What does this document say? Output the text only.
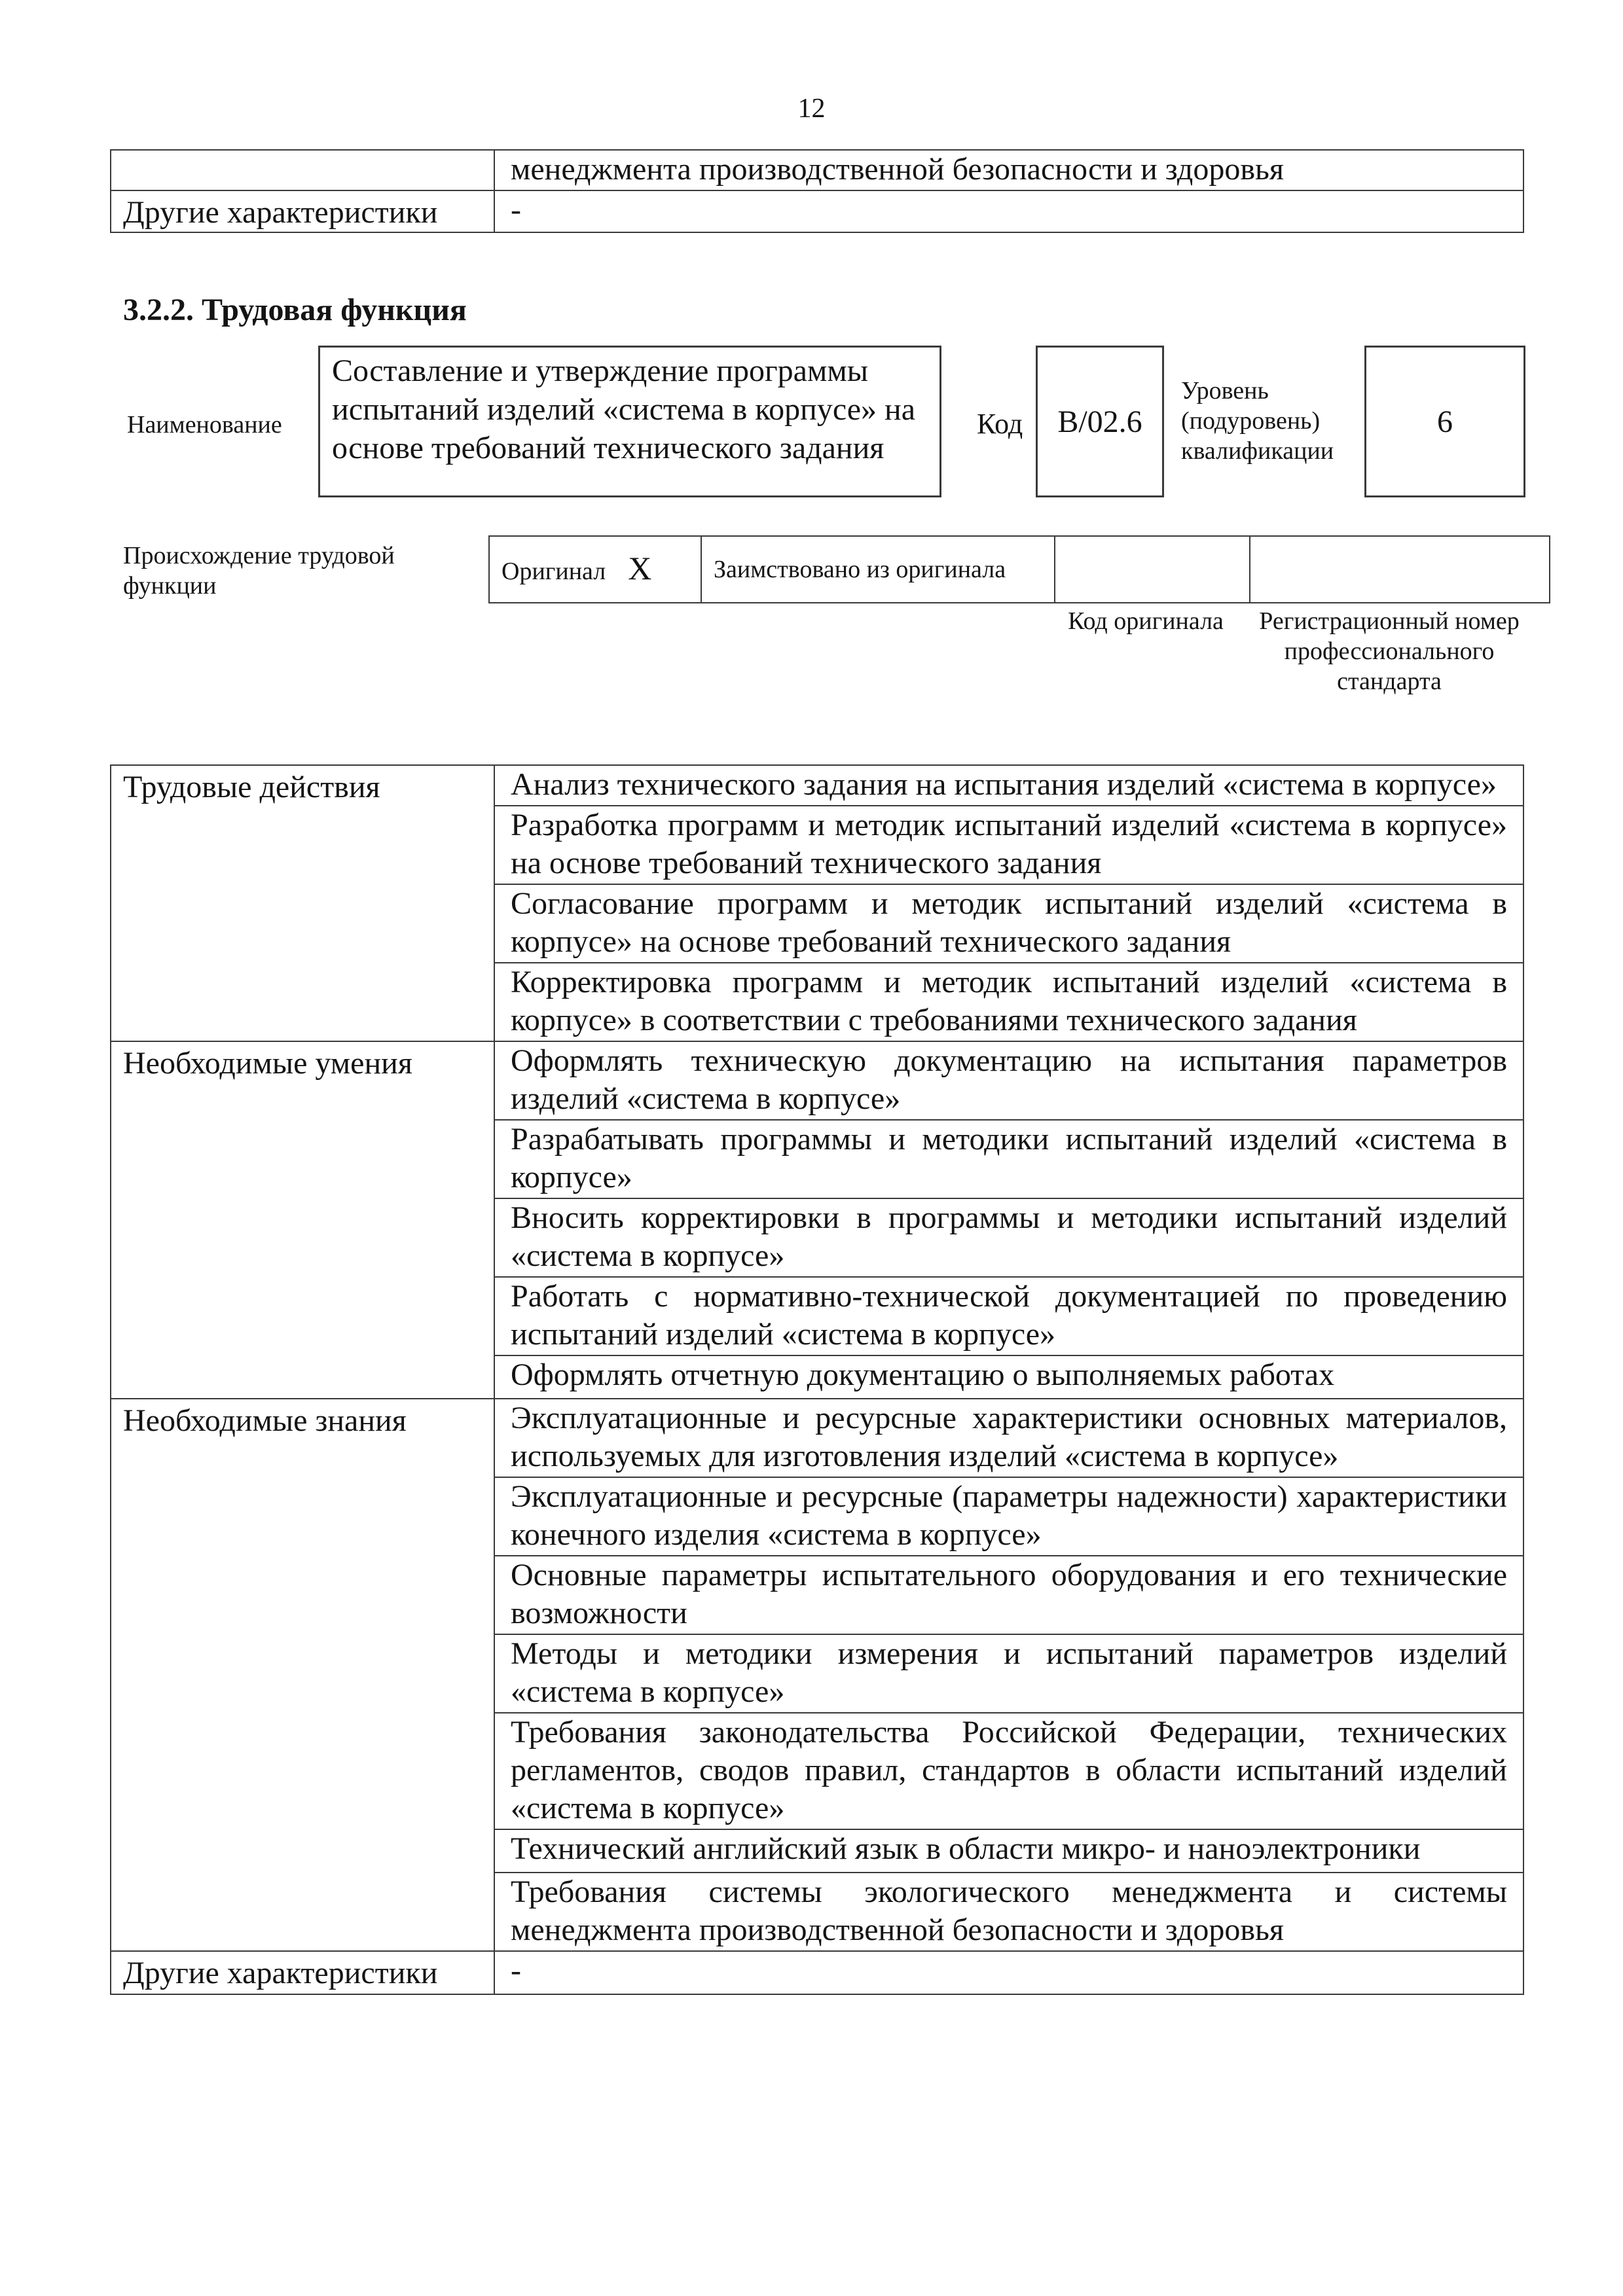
12
	менеджмента производственной безопасности и здоровья
Другие характеристики	-
3.2.2. Трудовая функция
Наименование
Составление и утверждение программы испытаний изделий «система в корпусе» на основе требований технического задания
Код	B/02.6
Уровень (подуровень) квалификации
6
Происхождение трудовой функции
Оригинал X	Заимствовано из оригинала		
Код оригинала	Регистрационный номер профессионального стандарта
Трудовые действия	Анализ технического задания на испытания изделий «система в корпусе»
	Разработка программ и методик испытаний изделий «система в корпусе» на основе требований технического задания
	Согласование программ и методик испытаний изделий «система в корпусе» на основе требований технического задания
	Корректировка программ и методик испытаний изделий «система в корпусе» в соответствии с требованиями технического задания
Необходимые умения	Оформлять техническую документацию на испытания параметров изделий «система в корпусе»
	Разрабатывать программы и методики испытаний изделий «система в корпусе»
	Вносить корректировки в программы и методики испытаний изделий «система в корпусе»
	Работать с нормативно-технической документацией по проведению испытаний изделий «система в корпусе»
	Оформлять отчетную документацию о выполняемых работах
Необходимые знания	Эксплуатационные и ресурсные характеристики основных материалов, используемых для изготовления изделий «система в корпусе»
	Эксплуатационные и ресурсные (параметры надежности) характеристики конечного изделия «система в корпусе»
	Основные параметры испытательного оборудования и его технические возможности
	Методы и методики измерения и испытаний параметров изделий «система в корпусе»
	Требования законодательства Российской Федерации, технических регламентов, сводов правил, стандартов в области испытаний изделий «система в корпусе»
	Технический английский язык в области микро- и наноэлектроники
	Требования системы экологического менеджмента и системы менеджмента производственной безопасности и здоровья
Другие характеристики	-
